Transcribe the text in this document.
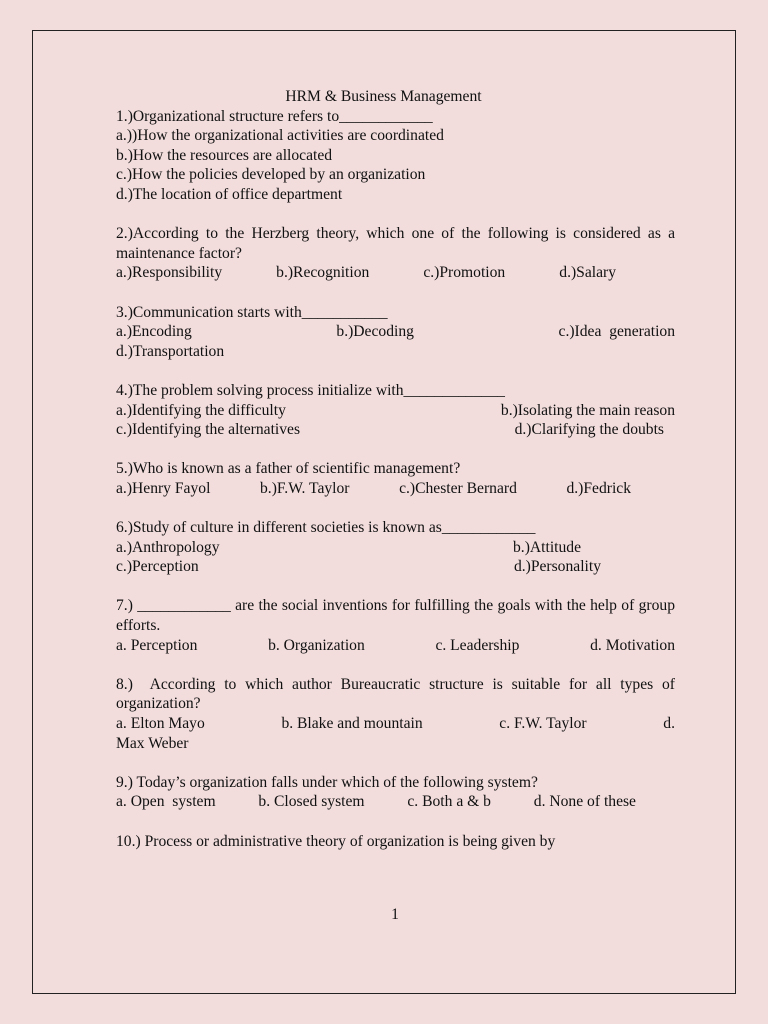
HRM & Business Management

1.)Organizational structure refers to____________

a.))How the organizational activities are coordinated

b.)How the resources are allocated

c.)How the policies developed by an organization

d.)The location of office department

2.)According to the Herzberg theory, which one of the following is considered as a maintenance factor?

a.)Responsibility	b.)Recognition	c.)Promotion	d.)Salary

3.)Communication starts with___________

a.)Encoding	b.)Decoding	c.)Idea  generation

d.)Transportation

4.)The problem solving process initialize with_____________

a.)Identifying the difficulty	b.)Isolating the main reason
c.)Identifying the alternatives	d.)Clarifying the doubts

5.)Who is known as a father of scientific management?

a.)Henry Fayol	b.)F.W. Taylor	c.)Chester Bernard	d.)Fedrick

6.)Study of culture in different societies is known as____________

a.)Anthropology	b.)Attitude
c.)Perception	d.)Personality

7.) ____________ are the social inventions for fulfilling the goals with the help of group efforts.

a. Perception	b. Organization	c. Leadership	d. Motivation

8.)  According to which author Bureaucratic structure is suitable for all types of organization?

a. Elton Mayo	b. Blake and mountain	c. F.W. Taylor	d.

Max Weber

9.) Today’s organization falls under which of the following system?

a. Open  system	b. Closed system	c. Both a & b	d. None of these

10.) Process or administrative theory of organization is being given by

1
